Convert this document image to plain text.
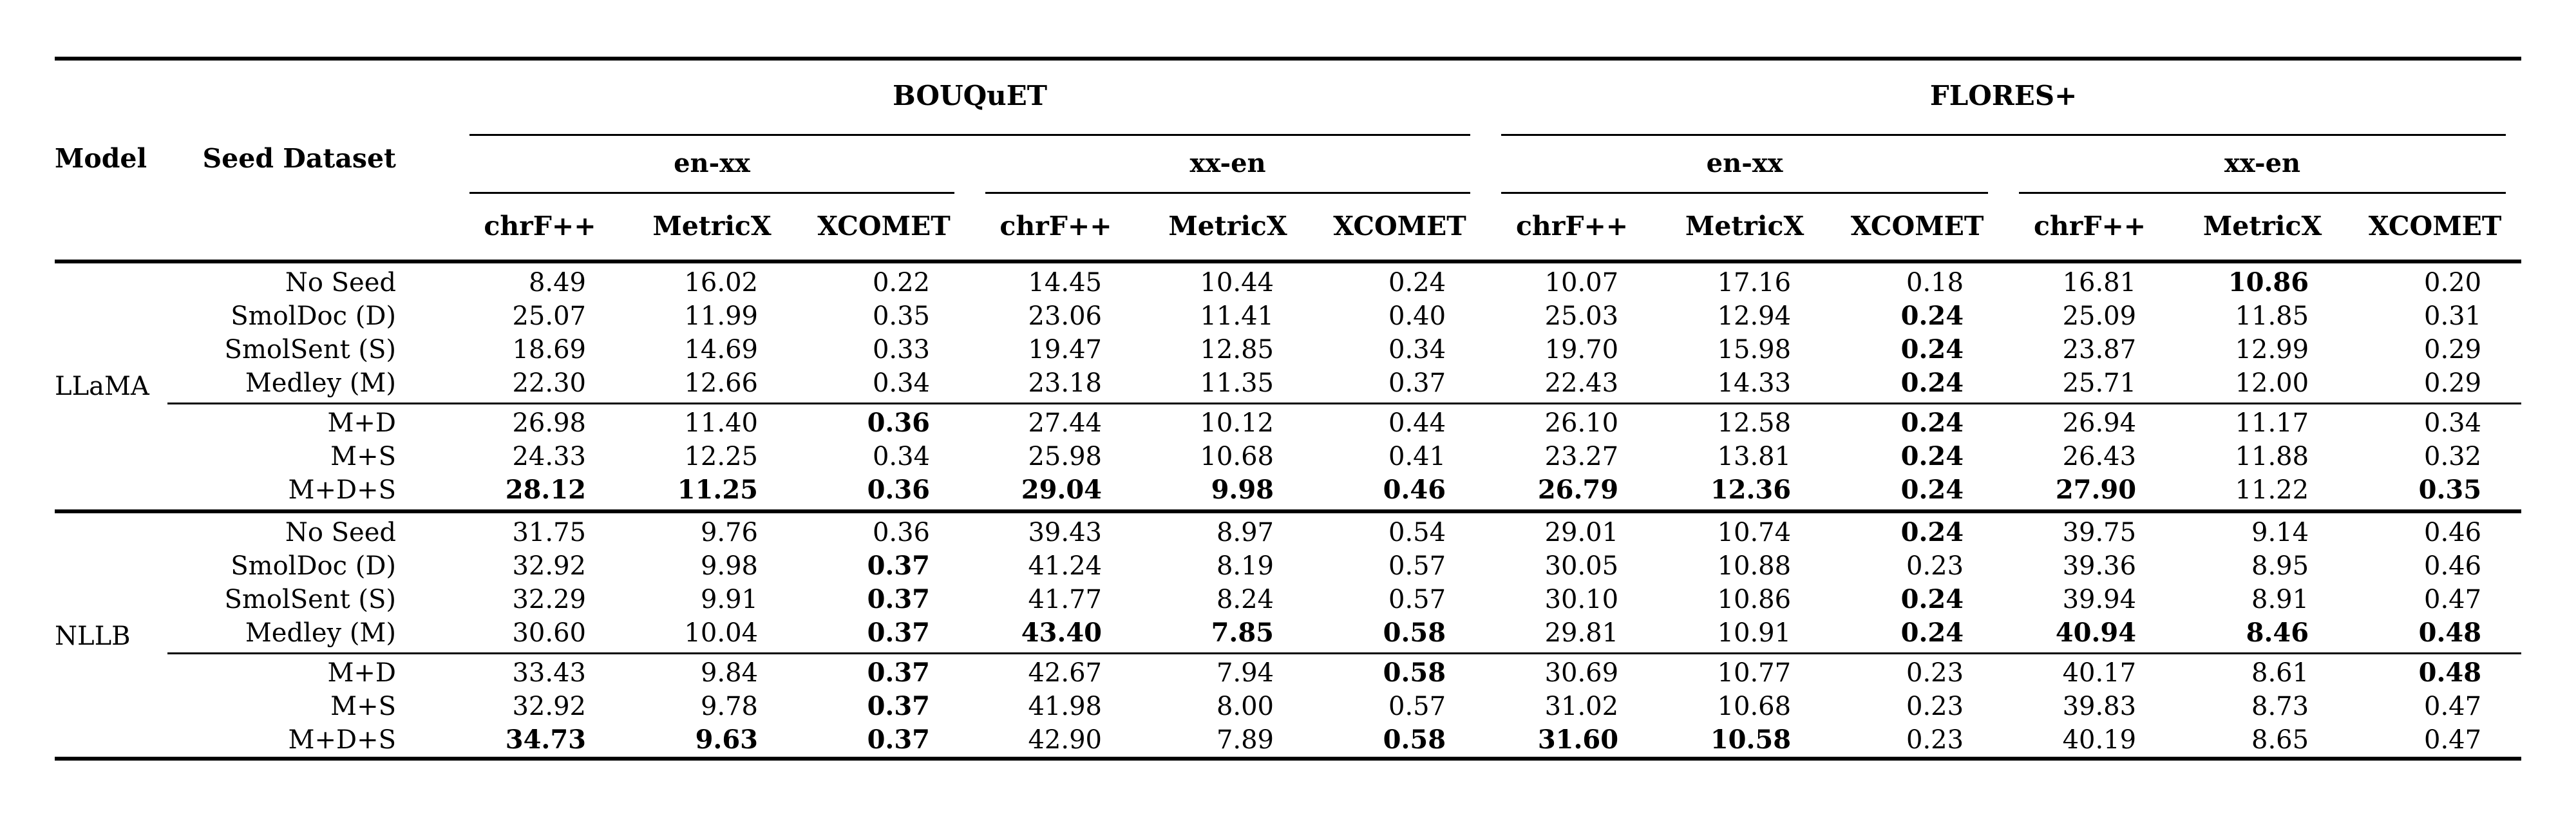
Model	Seed Dataset	BOUQuET						FLORES+					

		en-xx			xx-en			en-xx			xx-en		

		chrF++	MetricX	XCOMET	chrF++	MetricX	XCOMET	chrF++	MetricX	XCOMET	chrF++	MetricX	XCOMET

LLaMA	No Seed	8.49	16.02	0.22	14.45	10.44	0.24	10.07	17.16	0.18	16.81	10.86	0.20
	SmolDoc (D)	25.07	11.99	0.35	23.06	11.41	0.40	25.03	12.94	0.24	25.09	11.85	0.31
	SmolSent (S)	18.69	14.69	0.33	19.47	12.85	0.34	19.70	15.98	0.24	23.87	12.99	0.29
	Medley (M)	22.30	12.66	0.34	23.18	11.35	0.37	22.43	14.33	0.24	25.71	12.00	0.29

	M+D	26.98	11.40	0.36	27.44	10.12	0.44	26.10	12.58	0.24	26.94	11.17	0.34
	M+S	24.33	12.25	0.34	25.98	10.68	0.41	23.27	13.81	0.24	26.43	11.88	0.32
	M+D+S	28.12	11.25	0.36	29.04	9.98	0.46	26.79	12.36	0.24	27.90	11.22	0.35

NLLB	No Seed	31.75	9.76	0.36	39.43	8.97	0.54	29.01	10.74	0.24	39.75	9.14	0.46
	SmolDoc (D)	32.92	9.98	0.37	41.24	8.19	0.57	30.05	10.88	0.23	39.36	8.95	0.46
	SmolSent (S)	32.29	9.91	0.37	41.77	8.24	0.57	30.10	10.86	0.24	39.94	8.91	0.47
	Medley (M)	30.60	10.04	0.37	43.40	7.85	0.58	29.81	10.91	0.24	40.94	8.46	0.48

	M+D	33.43	9.84	0.37	42.67	7.94	0.58	30.69	10.77	0.23	40.17	8.61	0.48
	M+S	32.92	9.78	0.37	41.98	8.00	0.57	31.02	10.68	0.23	39.83	8.73	0.47
	M+D+S	34.73	9.63	0.37	42.90	7.89	0.58	31.60	10.58	0.23	40.19	8.65	0.47
